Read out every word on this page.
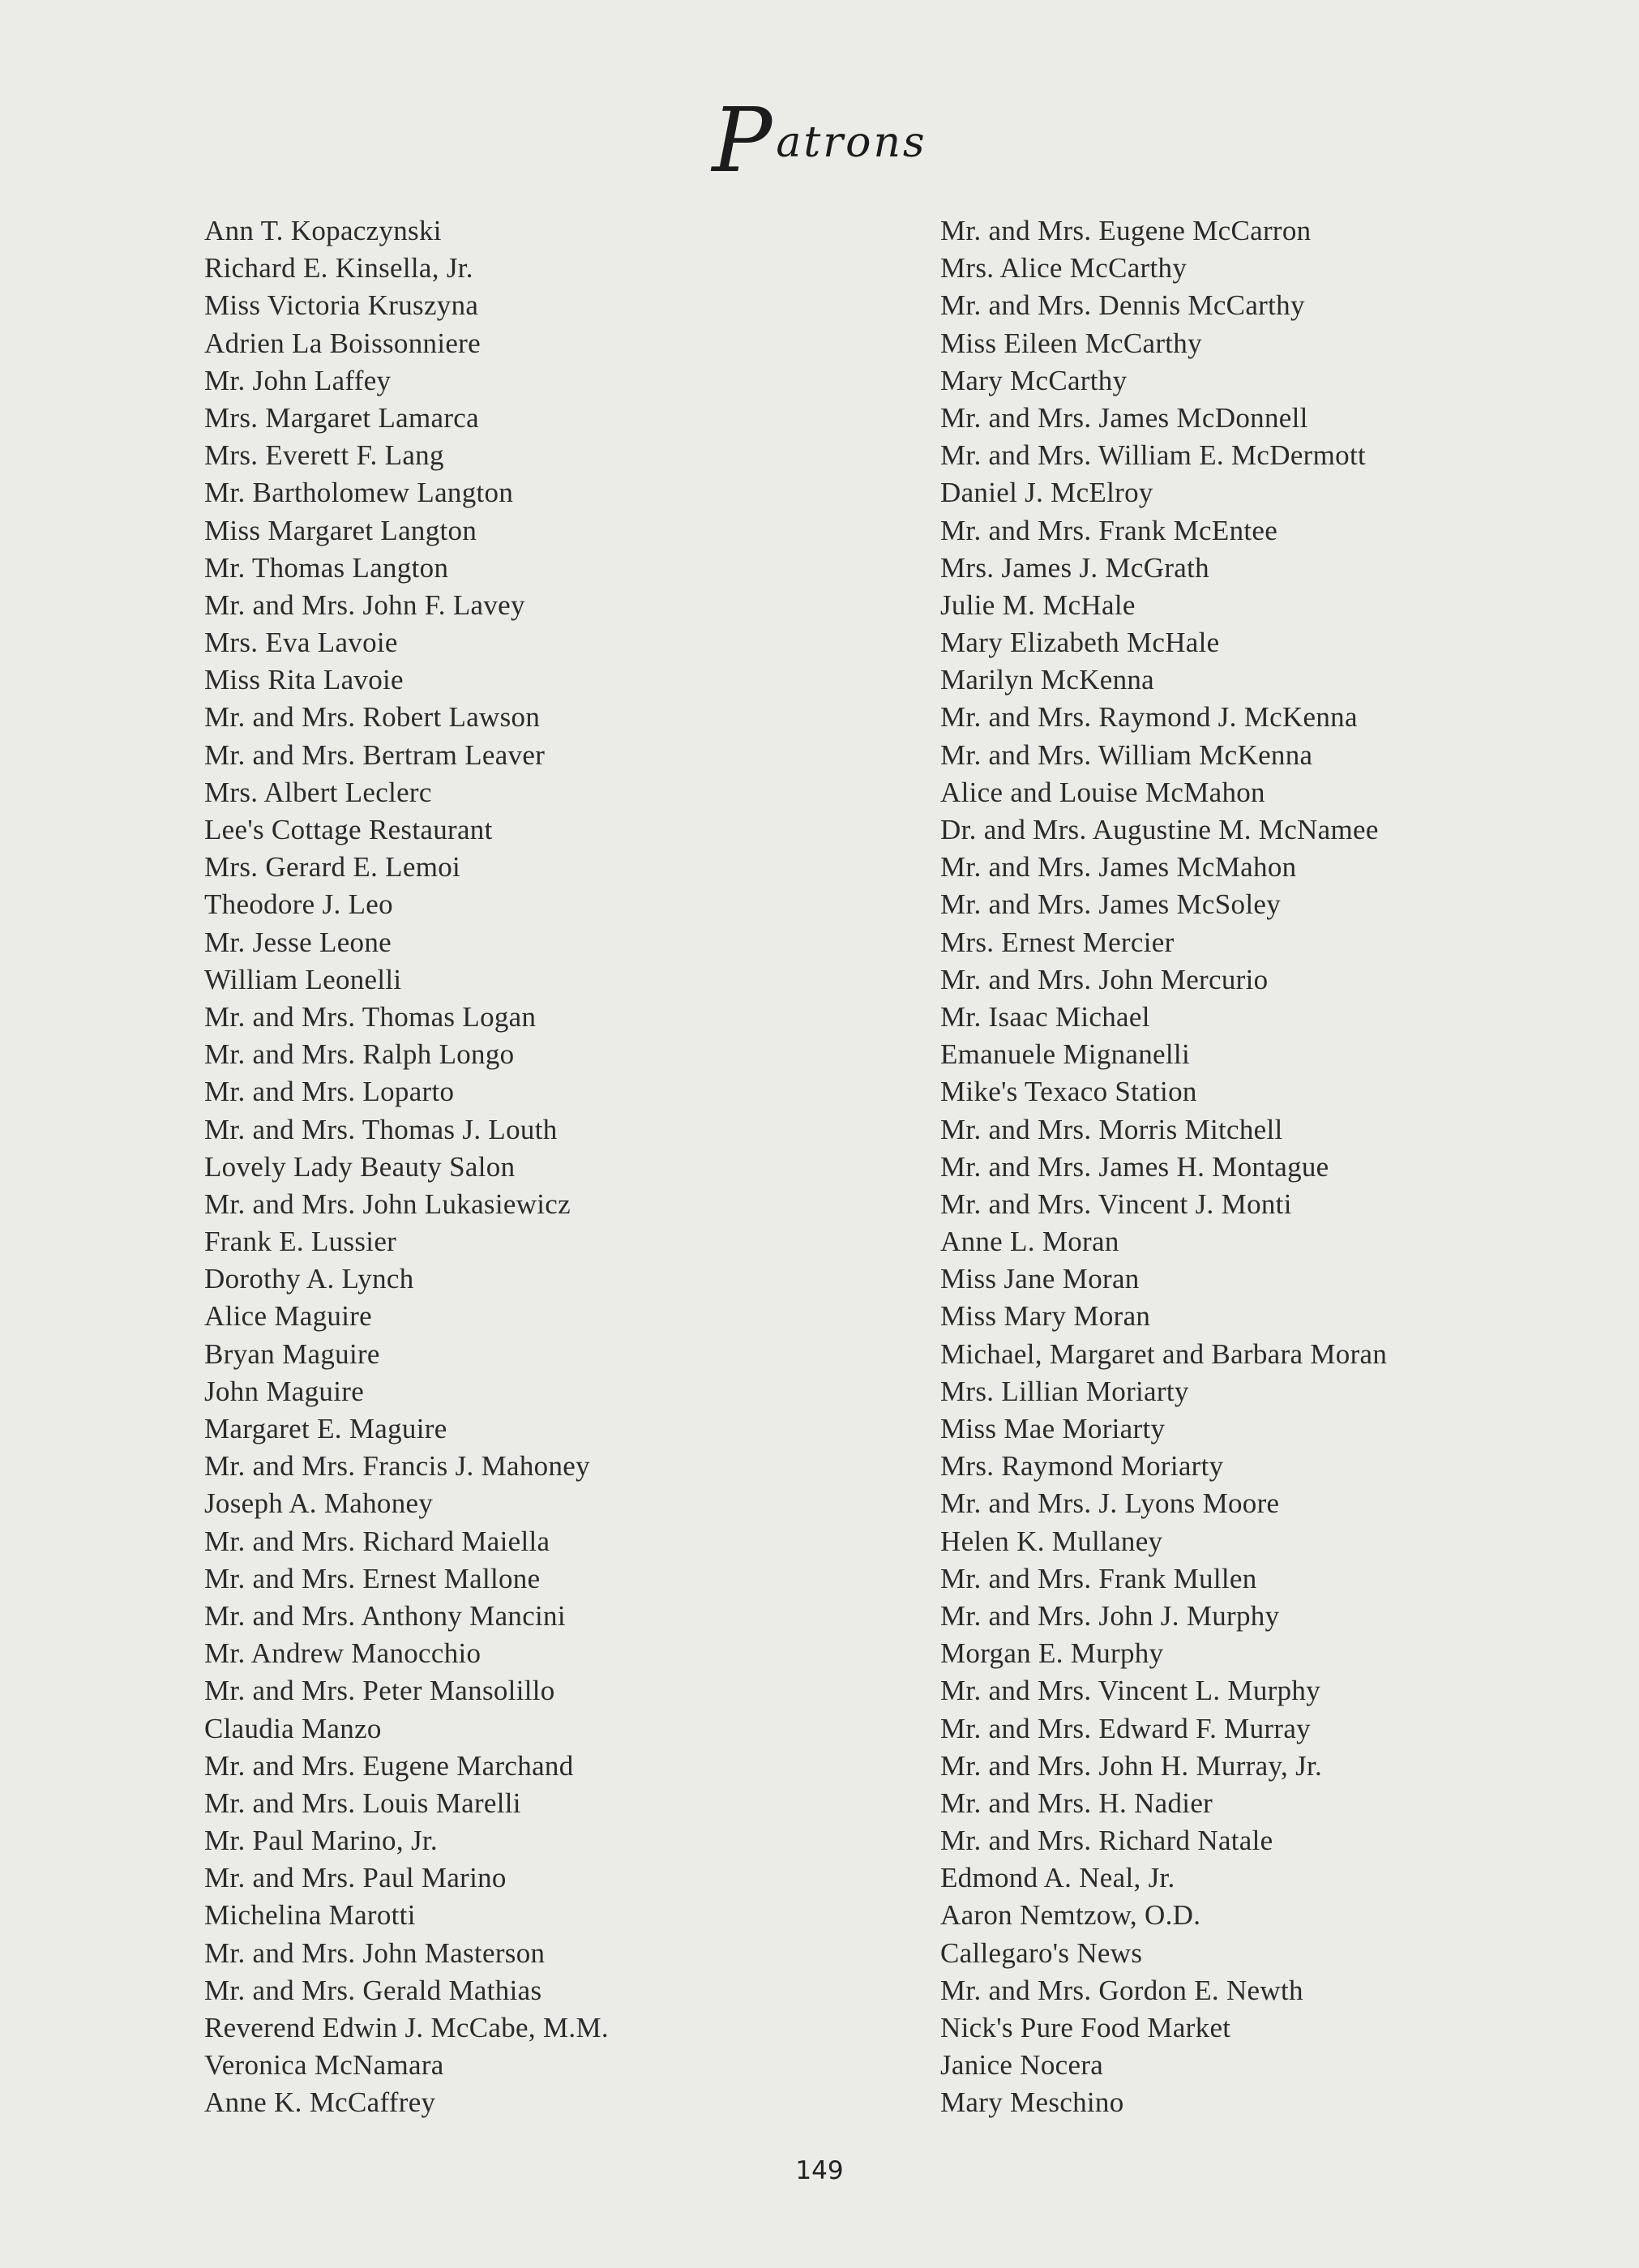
Patrons
Ann T. Kopaczynski
Richard E. Kinsella, Jr.
Miss Victoria Kruszyna
Adrien La Boissonniere
Mr. John Laffey
Mrs. Margaret Lamarca
Mrs. Everett F. Lang
Mr. Bartholomew Langton
Miss Margaret Langton
Mr. Thomas Langton
Mr. and Mrs. John F. Lavey
Mrs. Eva Lavoie
Miss Rita Lavoie
Mr. and Mrs. Robert Lawson
Mr. and Mrs. Bertram Leaver
Mrs. Albert Leclerc
Lee's Cottage Restaurant
Mrs. Gerard E. Lemoi
Theodore J. Leo
Mr. Jesse Leone
William Leonelli
Mr. and Mrs. Thomas Logan
Mr. and Mrs. Ralph Longo
Mr. and Mrs. Loparto
Mr. and Mrs. Thomas J. Louth
Lovely Lady Beauty Salon
Mr. and Mrs. John Lukasiewicz
Frank E. Lussier
Dorothy A. Lynch
Alice Maguire
Bryan Maguire
John Maguire
Margaret E. Maguire
Mr. and Mrs. Francis J. Mahoney
Joseph A. Mahoney
Mr. and Mrs. Richard Maiella
Mr. and Mrs. Ernest Mallone
Mr. and Mrs. Anthony Mancini
Mr. Andrew Manocchio
Mr. and Mrs. Peter Mansolillo
Claudia Manzo
Mr. and Mrs. Eugene Marchand
Mr. and Mrs. Louis Marelli
Mr. Paul Marino, Jr.
Mr. and Mrs. Paul Marino
Michelina Marotti
Mr. and Mrs. John Masterson
Mr. and Mrs. Gerald Mathias
Reverend Edwin J. McCabe, M.M.
Veronica McNamara
Anne K. McCaffrey
Mr. and Mrs. Eugene McCarron
Mrs. Alice McCarthy
Mr. and Mrs. Dennis McCarthy
Miss Eileen McCarthy
Mary McCarthy
Mr. and Mrs. James McDonnell
Mr. and Mrs. William E. McDermott
Daniel J. McElroy
Mr. and Mrs. Frank McEntee
Mrs. James J. McGrath
Julie M. McHale
Mary Elizabeth McHale
Marilyn McKenna
Mr. and Mrs. Raymond J. McKenna
Mr. and Mrs. William McKenna
Alice and Louise McMahon
Dr. and Mrs. Augustine M. McNamee
Mr. and Mrs. James McMahon
Mr. and Mrs. James McSoley
Mrs. Ernest Mercier
Mr. and Mrs. John Mercurio
Mr. Isaac Michael
Emanuele Mignanelli
Mike's Texaco Station
Mr. and Mrs. Morris Mitchell
Mr. and Mrs. James H. Montague
Mr. and Mrs. Vincent J. Monti
Anne L. Moran
Miss Jane Moran
Miss Mary Moran
Michael, Margaret and Barbara Moran
Mrs. Lillian Moriarty
Miss Mae Moriarty
Mrs. Raymond Moriarty
Mr. and Mrs. J. Lyons Moore
Helen K. Mullaney
Mr. and Mrs. Frank Mullen
Mr. and Mrs. John J. Murphy
Morgan E. Murphy
Mr. and Mrs. Vincent L. Murphy
Mr. and Mrs. Edward F. Murray
Mr. and Mrs. John H. Murray, Jr.
Mr. and Mrs. H. Nadier
Mr. and Mrs. Richard Natale
Edmond A. Neal, Jr.
Aaron Nemtzow, O.D.
Callegaro's News
Mr. and Mrs. Gordon E. Newth
Nick's Pure Food Market
Janice Nocera
Mary Meschino
149
